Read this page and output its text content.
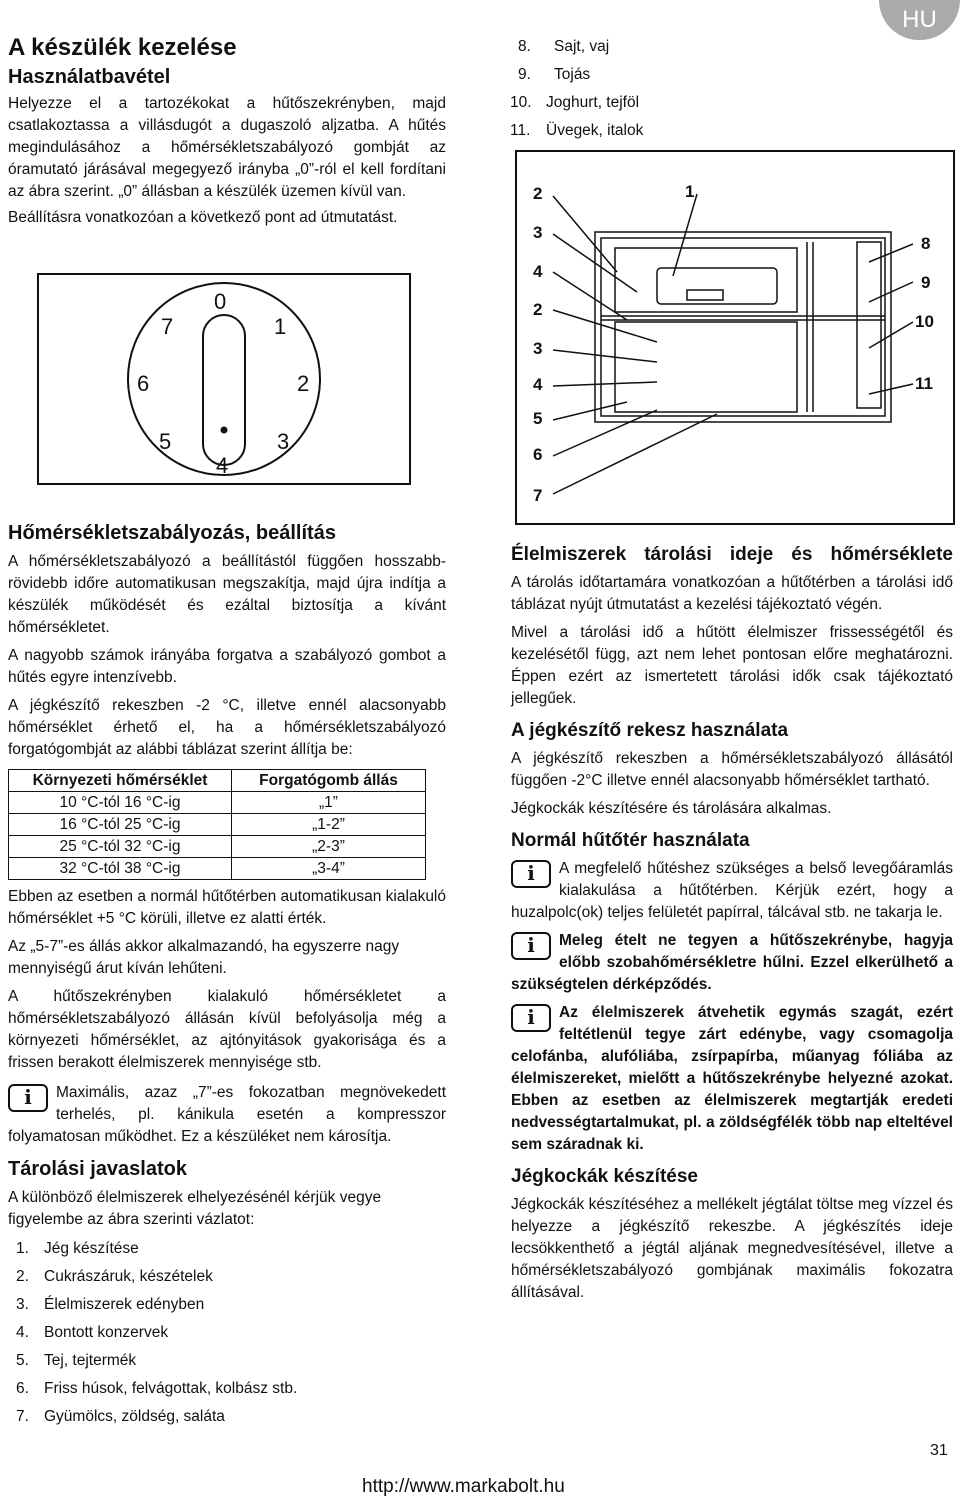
HU
A készülék kezelése
Használatbavétel

Helyezze el a tartozékokat a hűtőszekrényben, majd csatlakoztassa a villásdugót a dugaszoló aljzatba. A hűtés megindulásához a hőmérsékletszabályozó gombját az óramutató járásával megegyező irányba „0”-ról el kell fordítani az ábra szerint. „0” állásban a készülék üzemen kívül van.

Beállításra vonatkozóan a következő pont ad útmutatást.

0
1
2
3
4
5
6
7
Hőmérsékletszabályozás, beállítás

A hőmérsékletszabályozó a beállítástól függően hosszabb-rövidebb időre automatikusan megszakítja, majd újra indítja a készülék működését és ezáltal biztosítja a kívánt hőmérsékletet.

A nagyobb számok irányába forgatva a szabályozó gombot a hűtés egyre intenzívebb.

A jégkészítő rekeszben -2 °C, illetve ennél alacsonyabb hőmérséklet érhető el, ha a hőmérsékletszabályozó forgatógombját az alábbi táblázat szerint állítja be:

Környezeti hőmérséklet	Forgatógomb állás
10 °C-tól 16 °C-ig	„1”
16 °C-tól 25 °C-ig	„1-2”
25 °C-tól 32 °C-ig	„2-3”
32 °C-tól 38 °C-ig	„3-4”

Ebben az esetben a normál hűtőtérben automatikusan kialakuló hőmérséklet +5 °C körüli, illetve ez alatti érték.

Az „5-7”-es állás akkor alkalmazandó, ha egyszerre nagy mennyiségű árut kíván lehűteni.

A hűtőszekrényben kialakuló hőmérsékletet a hőmérsékletszabályozó állásán kívül befolyásolja még a környezeti hőmérséklet, az ajtónyitások gyakorisága és a frissen berakott élelmiszerek mennyisége stb.

i	Maximális, azaz „7”-es fokozatban megnövekedett terhelés, pl. kánikula esetén a kompresszor folyamatosan működhet. Ez a készüléket nem károsítja.

Tárolási javaslatok

A különböző élelmiszerek elhelyezésénél kérjük vegye figyelembe az ábra szerinti vázlatot:

1. Jég készítése
2. Cukrászáruk, készételek
3. Élelmiszerek edényben
4. Bontott konzervek
5. Tej, tejtermék
6. Friss húsok, felvágottak, kolbász stb.
7. Gyümölcs, zöldség, saláta
8. Sajt, vaj
9. Tojás
10. Joghurt, tejföl
11. Üvegek, italok
1
2
3
4
2
3
4
5
6
7
8
9
10
11
Élelmiszerek tárolási ideje és hőmérséklete

A tárolás időtartamára vonatkozóan a hűtőtérben a tárolási idő táblázat nyújt útmutatást a kezelési tájékoztató végén.

Mivel a tárolási idő a hűtött élelmiszer frissességétől és kezelésétől függ, azt nem lehet pontosan előre meghatározni. Éppen ezért az ismertetett tárolási idők csak tájékoztató jellegűek.

A jégkészítő rekesz használata

A jégkészítő rekeszben a hőmérsékletszabályozó állásától függően -2°C illetve ennél alacsonyabb hőmérséklet tartható.

Jégkockák készítésére és tárolására alkalmas.

Normál hűtőtér használata
i	A megfelelő hűtéshez szükséges a belső levegőáramlás kialakulása a hűtőtérben. Kérjük ezért, hogy a huzalpolc(ok) teljes felületét papírral, tálcával stb. ne takarja le.

i	Meleg ételt ne tegyen a hűtőszekrénybe, hagyja előbb szobahőmérsékletre hűlni. Ezzel elkerülhető a szükségtelen dérképződés.

i	Az élelmiszerek átvehetik egymás szagát, ezért feltétlenül tegye zárt edénybe, vagy csomagolja celofánba, alufóliába, zsírpapírba, műanyag fóliába az élelmiszereket, mielőtt a hűtőszekrénybe helyezné azokat. Ebben az esetben az élelmiszerek megtartják eredeti nedvességtartalmukat, pl. a zöldségfélék több nap elteltével sem száradnak ki.

Jégkockák készítése

Jégkockák készítéséhez a mellékelt jégtálat töltse meg vízzel és helyezze a jégkészítő rekeszbe. A jégkészítés ideje lecsökkenthető a jégtál aljának megnedvesítésével, illetve a hőmérsékletszabályozó gombjának maximális fokozatra állításával.

31
http://www.markabolt.hu
